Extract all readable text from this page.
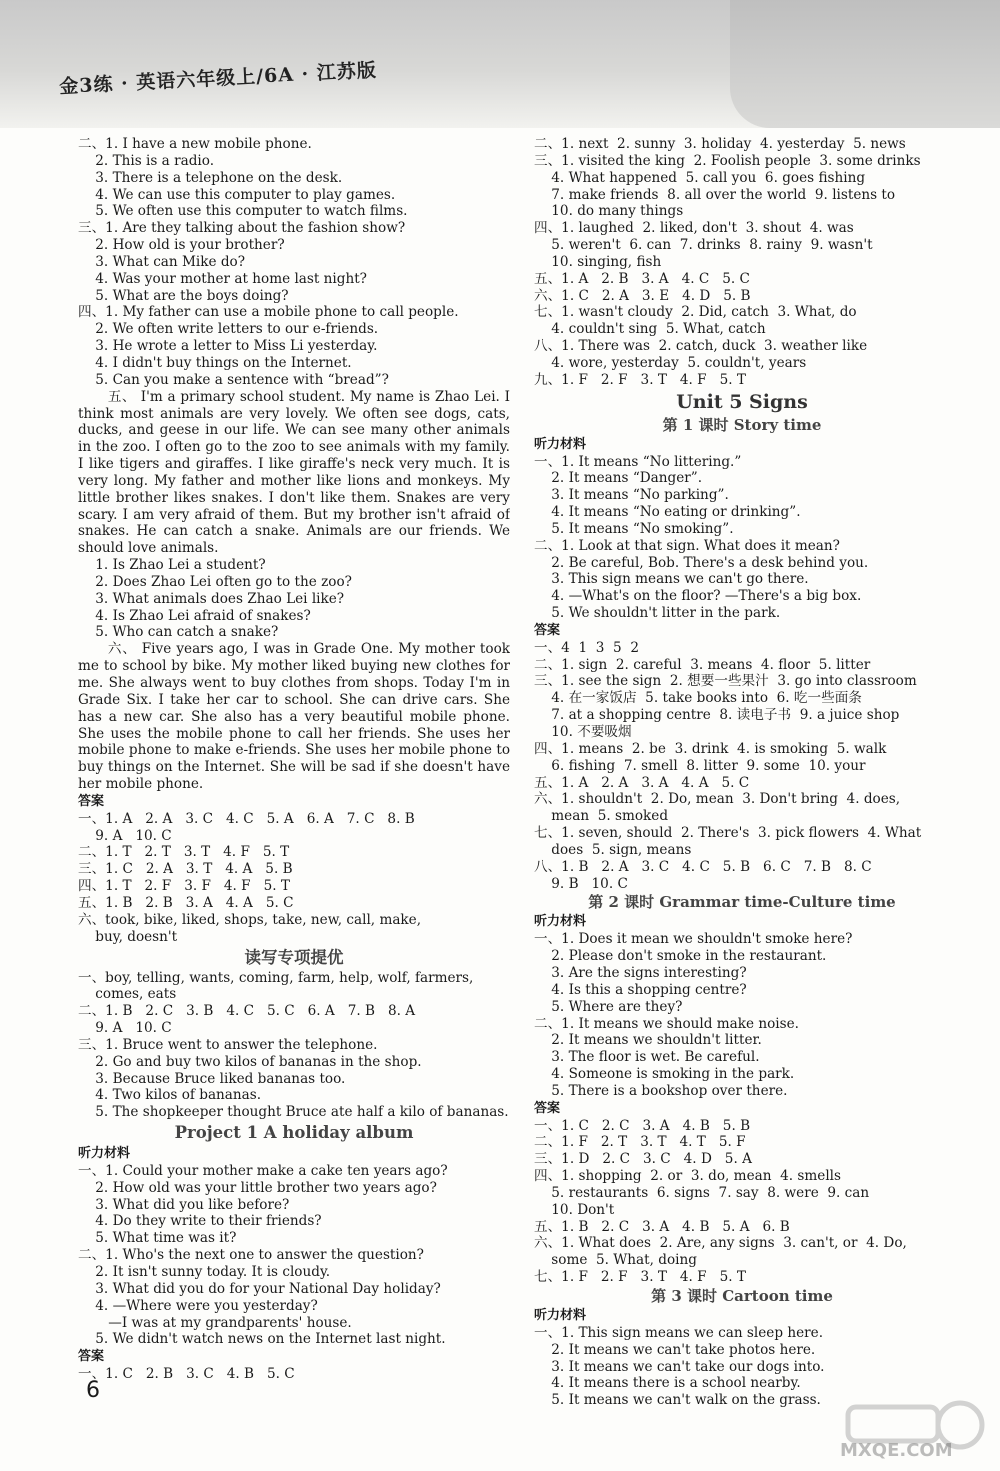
金3练 · 英语六年级上/6A · 江苏版
二、1. I have a new mobile phone.
2. This is a radio.
3. There is a telephone on the desk.
4. We can use this computer to play games.
5. We often use this computer to watch films.
三、1. Are they talking about the fashion show?
2. How old is your brother?
3. What can Mike do?
4. Was your mother at home last night?
5. What are the boys doing?
四、1. My father can use a mobile phone to call people.
2. We often write letters to our e-friends.
3. He wrote a letter to Miss Li yesterday.
4. I didn't buy things on the Internet.
5. Can you make a sentence with “bread”?
五、 I'm a primary school student. My name is Zhao Lei. I think most animals are very lovely. We often see dogs, cats, ducks, and geese in our life. We can see many other animals in the zoo. I often go to the zoo to see animals with my family. I like tigers and giraffes. I like giraffe's neck very much. It is very long. My father and mother like lions and monkeys. My little brother likes snakes. I don't like them. Snakes are very scary. I am very afraid of them. But my brother isn't afraid of snakes. He can catch a snake. Animals are our friends. We should love animals.
1. Is Zhao Lei a student?
2. Does Zhao Lei often go to the zoo?
3. What animals does Zhao Lei like?
4. Is Zhao Lei afraid of snakes?
5. Who can catch a snake?
六、 Five years ago, I was in Grade One. My mother took me to school by bike. My mother liked buying new clothes for me. She always went to buy clothes from shops. Today I'm in Grade Six. I take her car to school. She can drive cars. She has a new car. She also has a very beautiful mobile phone. She uses the mobile phone to call her friends. She uses her mobile phone to make e-friends. She uses her mobile phone to buy things on the Internet. She will be sad if she doesn't have her mobile phone.
答案
一、1. A   2. A   3. C   4. C   5. A   6. A   7. C   8. B
9. A   10. C
二、1. T   2. T   3. T   4. F   5. T
三、1. C   2. A   3. T   4. A   5. B
四、1. T   2. F   3. F   4. F   5. T
五、1. B   2. B   3. A   4. A   5. C
六、took, bike, liked, shops, take, new, call, make,
buy, doesn't
读写专项提优
一、boy, telling, wants, coming, farm, help, wolf, farmers,
comes, eats
二、1. B   2. C   3. B   4. C   5. C   6. A   7. B   8. A
9. A   10. C
三、1. Bruce went to answer the telephone.
2. Go and buy two kilos of bananas in the shop.
3. Because Bruce liked bananas too.
4. Two kilos of bananas.
5. The shopkeeper thought Bruce ate half a kilo of bananas.
Project 1 A holiday album
听力材料
一、1. Could your mother make a cake ten years ago?
2. How old was your little brother two years ago?
3. What did you like before?
4. Do they write to their friends?
5. What time was it?
二、1. Who's the next one to answer the question?
2. It isn't sunny today. It is cloudy.
3. What did you do for your National Day holiday?
4. —Where were you yesterday?
—I was at my grandparents' house.
5. We didn't watch news on the Internet last night.
答案
一、1. C   2. B   3. C   4. B   5. C
二、1. next  2. sunny  3. holiday  4. yesterday  5. news
三、1. visited the king  2. Foolish people  3. some drinks
4. What happened  5. call you  6. goes fishing
7. make friends  8. all over the world  9. listens to
10. do many things
四、1. laughed  2. liked, don't  3. shout  4. was
5. weren't  6. can  7. drinks  8. rainy  9. wasn't
10. singing, fish
五、1. A   2. B   3. A   4. C   5. C
六、1. C   2. A   3. E   4. D   5. B
七、1. wasn't cloudy  2. Did, catch  3. What, do
4. couldn't sing  5. What, catch
八、1. There was  2. catch, duck  3. weather like
4. wore, yesterday  5. couldn't, years
九、1. F   2. F   3. T   4. F   5. T
Unit 5 Signs
第 1 课时 Story time
听力材料
一、1. It means “No littering.”
2. It means “Danger”.
3. It means “No parking”.
4. It means “No eating or drinking”.
5. It means “No smoking”.
二、1. Look at that sign. What does it mean?
2. Be careful, Bob. There's a desk behind you.
3. This sign means we can't go there.
4. —What's on the floor? —There's a big box.
5. We shouldn't litter in the park.
答案
一、4  1  3  5  2
二、1. sign  2. careful  3. means  4. floor  5. litter
三、1. see the sign  2. 想要一些果汁  3. go into classroom
4. 在一家饭店  5. take books into  6. 吃一些面条
7. at a shopping centre  8. 读电子书  9. a juice shop
10. 不要吸烟
四、1. means  2. be  3. drink  4. is smoking  5. walk
6. fishing  7. smell  8. litter  9. some  10. your
五、1. A   2. A   3. A   4. A   5. C
六、1. shouldn't  2. Do, mean  3. Don't bring  4. does,
mean  5. smoked
七、1. seven, should  2. There's  3. pick flowers  4. What
does  5. sign, means
八、1. B   2. A   3. C   4. C   5. B   6. C   7. B   8. C
9. B   10. C
第 2 课时 Grammar time-Culture time
听力材料
一、1. Does it mean we shouldn't smoke here?
2. Please don't smoke in the restaurant.
3. Are the signs interesting?
4. Is this a shopping centre?
5. Where are they?
二、1. It means we should make noise.
2. It means we shouldn't litter.
3. The floor is wet. Be careful.
4. Someone is smoking in the park.
5. There is a bookshop over there.
答案
一、1. C   2. C   3. A   4. B   5. B
二、1. F   2. T   3. T   4. T   5. F
三、1. D   2. C   3. C   4. D   5. A
四、1. shopping  2. or  3. do, mean  4. smells
5. restaurants  6. signs  7. say  8. were  9. can
10. Don't
五、1. B   2. C   3. A   4. B   5. A   6. B
六、1. What does  2. Are, any signs  3. can't, or  4. Do,
some  5. What, doing
七、1. F   2. F   3. T   4. F   5. T
第 3 课时 Cartoon time
听力材料
一、1. This sign means we can sleep here.
2. It means we can't take photos here.
3. It means we can't take our dogs into.
4. It means there is a school nearby.
5. It means we can't walk on the grass.
6
MXQE.COM
